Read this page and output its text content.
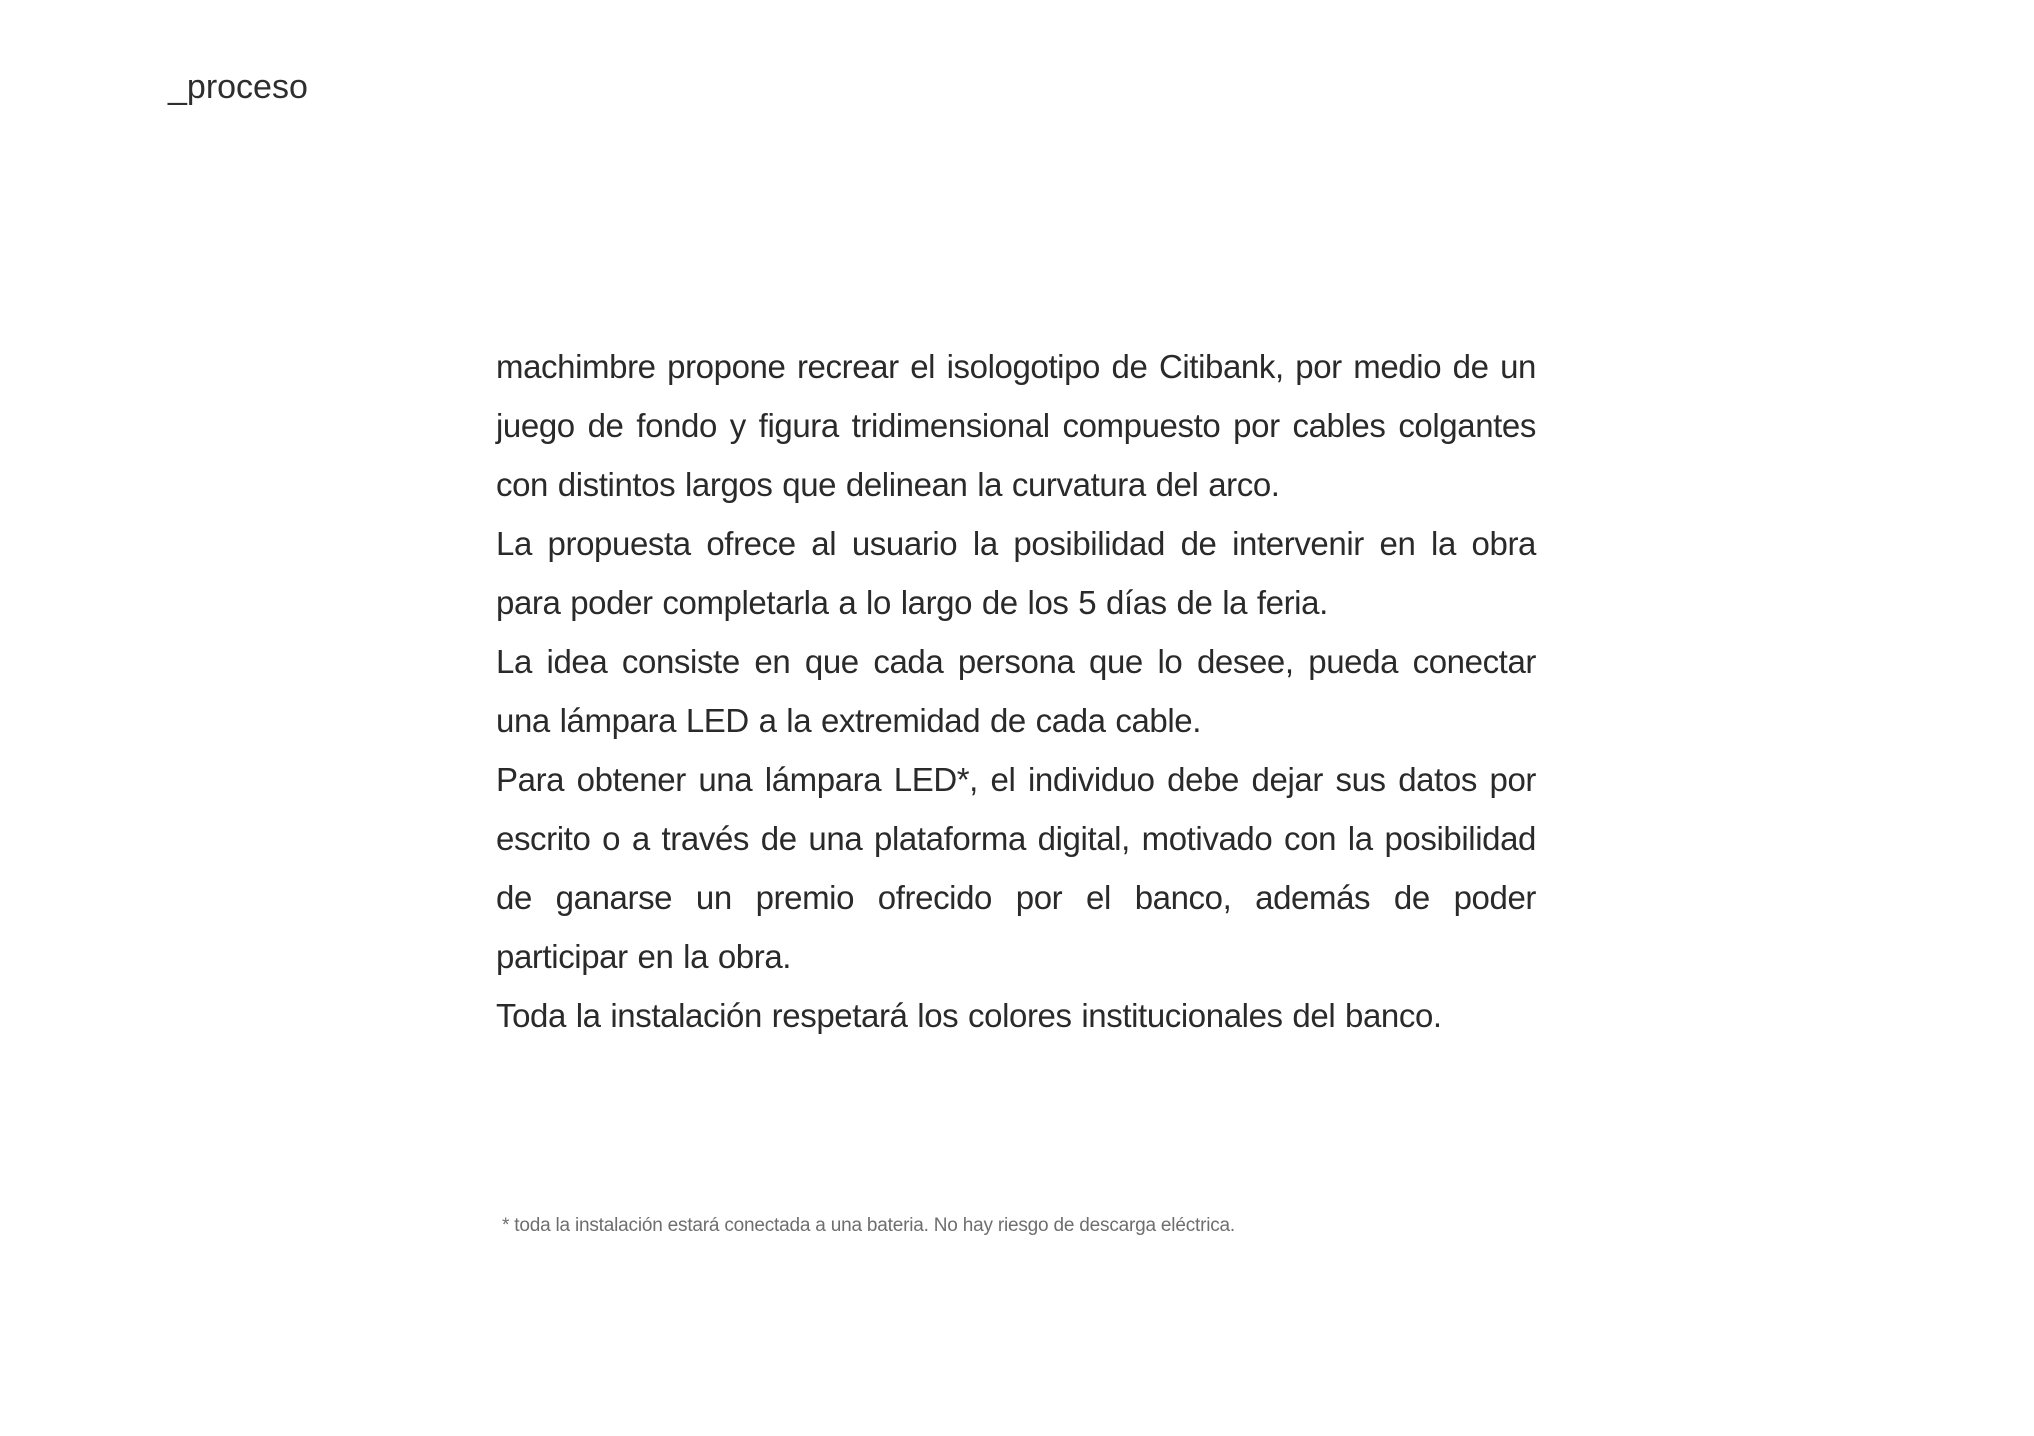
_proceso

machimbre propone recrear el isologotipo de Citibank, por medio de un juego de fondo y figura tridimensional compuesto por cables colgantes con distintos largos que delinean la curvatura del arco.

La propuesta ofrece al usuario la posibilidad de intervenir en la obra para poder completarla a lo largo de los 5 días de la feria.

La idea consiste en que cada persona que lo desee, pueda conectar una lámpara LED a la extremidad de cada cable.

Para obtener una lámpara LED*, el individuo debe dejar sus datos por escrito o a través de una plataforma digital, motivado con la posibilidad de ganarse un premio ofrecido por el banco, además de poder participar en la obra.

Toda la instalación respetará los colores institucionales del banco.

* toda la instalación estará conectada a una bateria. No hay riesgo de descarga eléctrica.
